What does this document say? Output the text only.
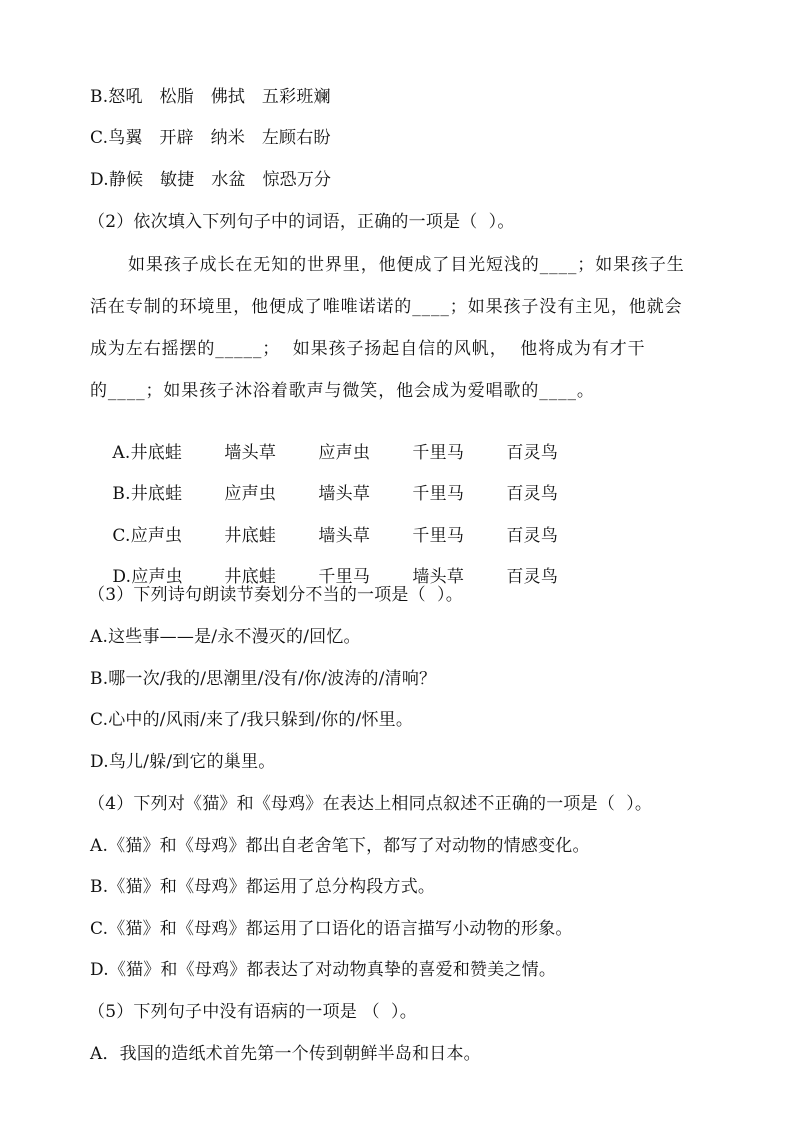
B.怒吼   松脂   佛拭   五彩班斓
C.鸟翼   开辟   纳米   左顾右盼
D.静候   敏捷   水盆   惊恐万分
（2）依次填入下列句子中的词语，正确的一项是（  ）。
如果孩子成长在无知的世界里，他便成了目光短浅的____；如果孩子生
活在专制的环境里，他便成了唯唯诺诺的____；如果孩子没有主见，他就会
成为左右摇摆的_____；  如果孩子扬起自信的风帆，  他将成为有才干
的____；如果孩子沐浴着歌声与微笑，他会成为爱唱歌的____。

A.井底蛙 墙头草 应声虫 千里马 百灵鸟

B.井底蛙 应声虫 墙头草 千里马 百灵鸟

C.应声虫 井底蛙 墙头草 千里马 百灵鸟

D.应声虫 井底蛙 千里马 墙头草 百灵鸟

（3）下列诗句朗读节奏划分不当的一项是（  ）。
A.这些事——是/永不漫灭的/回忆。
B.哪一次/我的/思潮里/没有/你/波涛的/清响？
C.心中的/风雨/来了/我只躲到/你的/怀里。
D.鸟儿/躲/到它的巢里。
（4）下列对《猫》和《母鸡》在表达上相同点叙述不正确的一项是（  ）。
A.《猫》和《母鸡》都出自老舍笔下，都写了对动物的情感变化。
B.《猫》和《母鸡》都运用了总分构段方式。
C.《猫》和《母鸡》都运用了口语化的语言描写小动物的形象。
D.《猫》和《母鸡》都表达了对动物真挚的喜爱和赞美之情。
（5）下列句子中没有语病的一项是 （  ）。
A．我国的造纸术首先第一个传到朝鲜半岛和日本。
